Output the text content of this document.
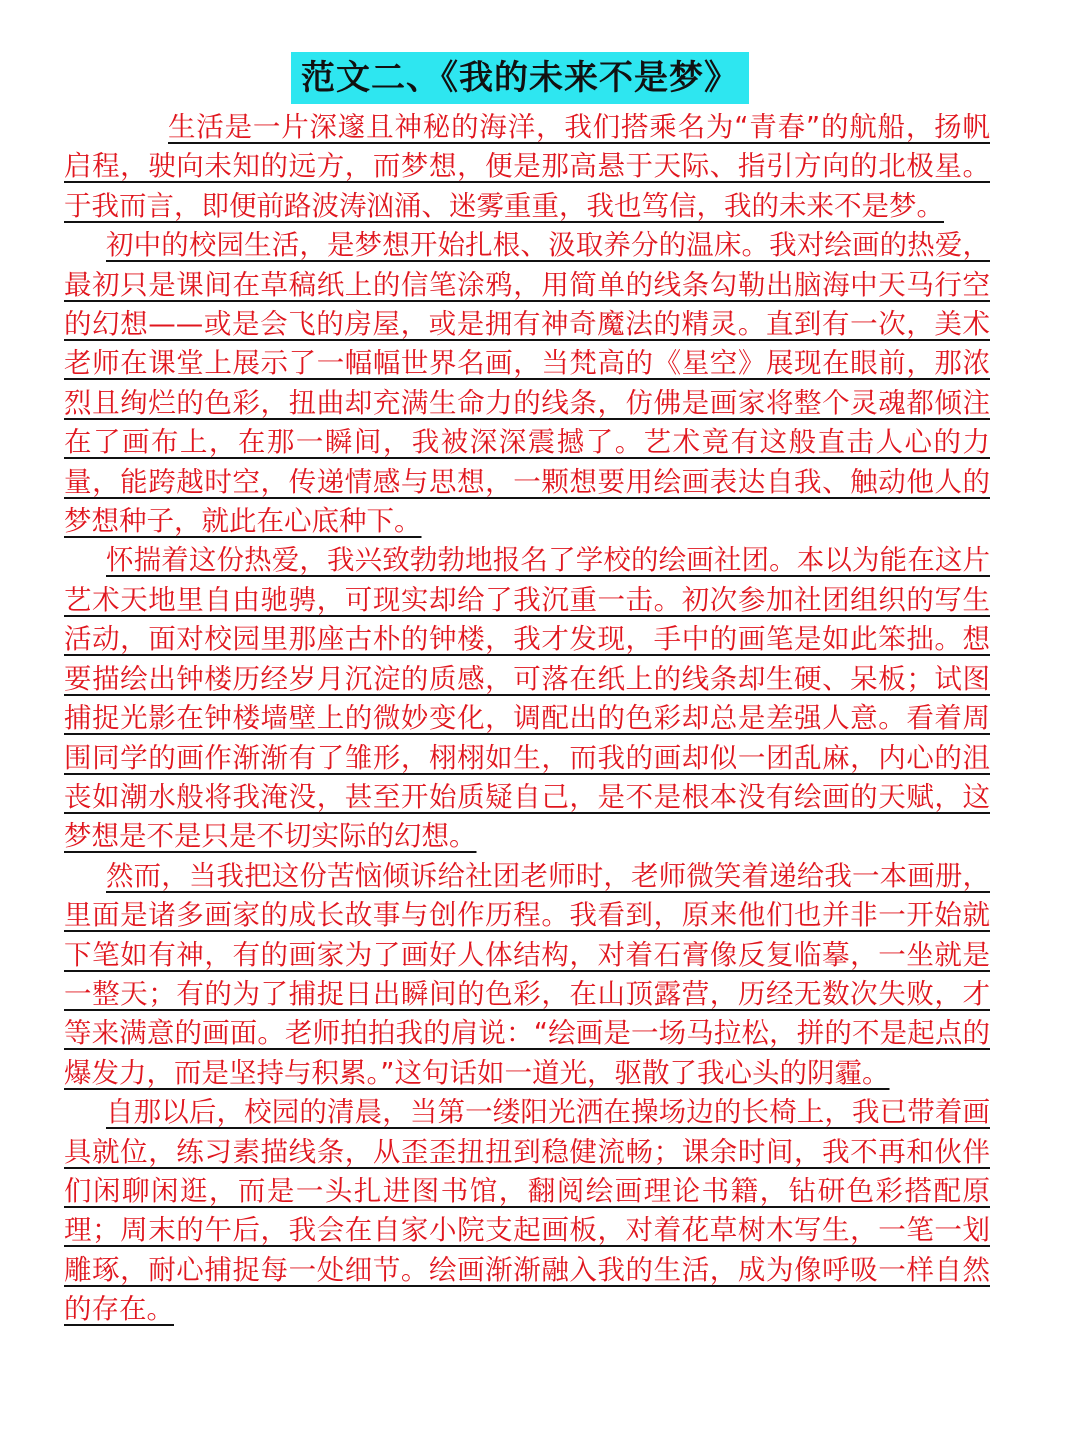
范文二、《我的未来不是梦》

生活是一片深邃且神秘的海洋，我们搭乘名为“青春”的航船，扬帆启程，驶向未知的远方，而梦想，便是那高悬于天际、指引方向的北极星。于我而言，即便前路波涛汹涌、迷雾重重，我也笃信，我的未来不是梦。

初中的校园生活，是梦想开始扎根、汲取养分的温床。我对绘画的热爱，最初只是课间在草稿纸上的信笔涂鸦，用简单的线条勾勒出脑海中天马行空的幻想——或是会飞的房屋，或是拥有神奇魔法的精灵。直到有一次，美术老师在课堂上展示了一幅幅世界名画，当梵高的《星空》展现在眼前，那浓烈且绚烂的色彩，扭曲却充满生命力的线条，仿佛是画家将整个灵魂都倾注在了画布上，在那一瞬间，我被深深震撼了。艺术竟有这般直击人心的力量，能跨越时空，传递情感与思想，一颗想要用绘画表达自我、触动他人的梦想种子，就此在心底种下。

怀揣着这份热爱，我兴致勃勃地报名了学校的绘画社团。本以为能在这片艺术天地里自由驰骋，可现实却给了我沉重一击。初次参加社团组织的写生活动，面对校园里那座古朴的钟楼，我才发现，手中的画笔是如此笨拙。想要描绘出钟楼历经岁月沉淀的质感，可落在纸上的线条却生硬、呆板；试图捕捉光影在钟楼墙壁上的微妙变化，调配出的色彩却总是差强人意。看着周围同学的画作渐渐有了雏形，栩栩如生，而我的画却似一团乱麻，内心的沮丧如潮水般将我淹没，甚至开始质疑自己，是不是根本没有绘画的天赋，这梦想是不是只是不切实际的幻想。

然而，当我把这份苦恼倾诉给社团老师时，老师微笑着递给我一本画册，里面是诸多画家的成长故事与创作历程。我看到，原来他们也并非一开始就下笔如有神，有的画家为了画好人体结构，对着石膏像反复临摹，一坐就是一整天；有的为了捕捉日出瞬间的色彩，在山顶露营，历经无数次失败，才等来满意的画面。老师拍拍我的肩说：“绘画是一场马拉松，拼的不是起点的爆发力，而是坚持与积累。”这句话如一道光，驱散了我心头的阴霾。

自那以后，校园的清晨，当第一缕阳光洒在操场边的长椅上，我已带着画具就位，练习素描线条，从歪歪扭扭到稳健流畅；课余时间，我不再和伙伴们闲聊闲逛，而是一头扎进图书馆，翻阅绘画理论书籍，钻研色彩搭配原理；周末的午后，我会在自家小院支起画板，对着花草树木写生，一笔一划雕琢，耐心捕捉每一处细节。绘画渐渐融入我的生活，成为像呼吸一样自然的存在。
